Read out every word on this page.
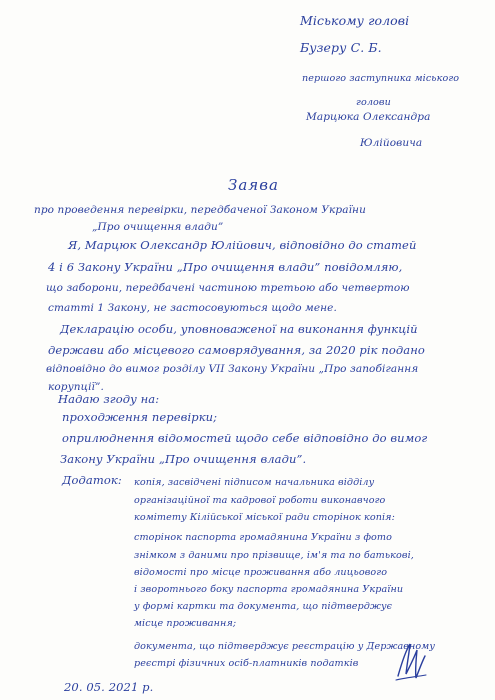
Міському голові
Бузеру С. Б.
першого заступника міського
голови
Марцюка Олександра
Юлійовича
Заява
про проведення перевірки, передбаченої Законом України
„Про очищення влади”
Я, Марцюк Олександр Юлійович, відповідно до статей
4 і 6 Закону України „Про очищення влади” повідомляю,
що заборони, передбачені частиною третьою або четвертою
статті 1 Закону, не застосовуються щодо мене.
Декларацію особи, уповноваженої на виконання функцій
держави або місцевого самоврядування, за 2020 рік подано
відповідно до вимог розділу VII Закону України „Про запобігання
корупції”.
Надаю згоду на:
проходження перевірки;
оприлюднення відомостей щодо себе відповідно до вимог
Закону України „Про очищення влади”.
Додаток: копія, засвідчені підписом начальника відділу
організаційної та кадрової роботи виконавчого
комітету Кілійської міської ради сторінок копія:
сторінок паспорта громадянина України з фото
знімком з даними про прізвище, ім'я та по батькові,
відомості про місце проживання або лицьового
і зворотнього боку паспорта громадянина України
у формі картки та документа, що підтверджує
місце проживання;
документа, що підтверджує реєстрацію у Державному
реєстрі фізичних осіб-платників податків
20. 05. 2021 р.
